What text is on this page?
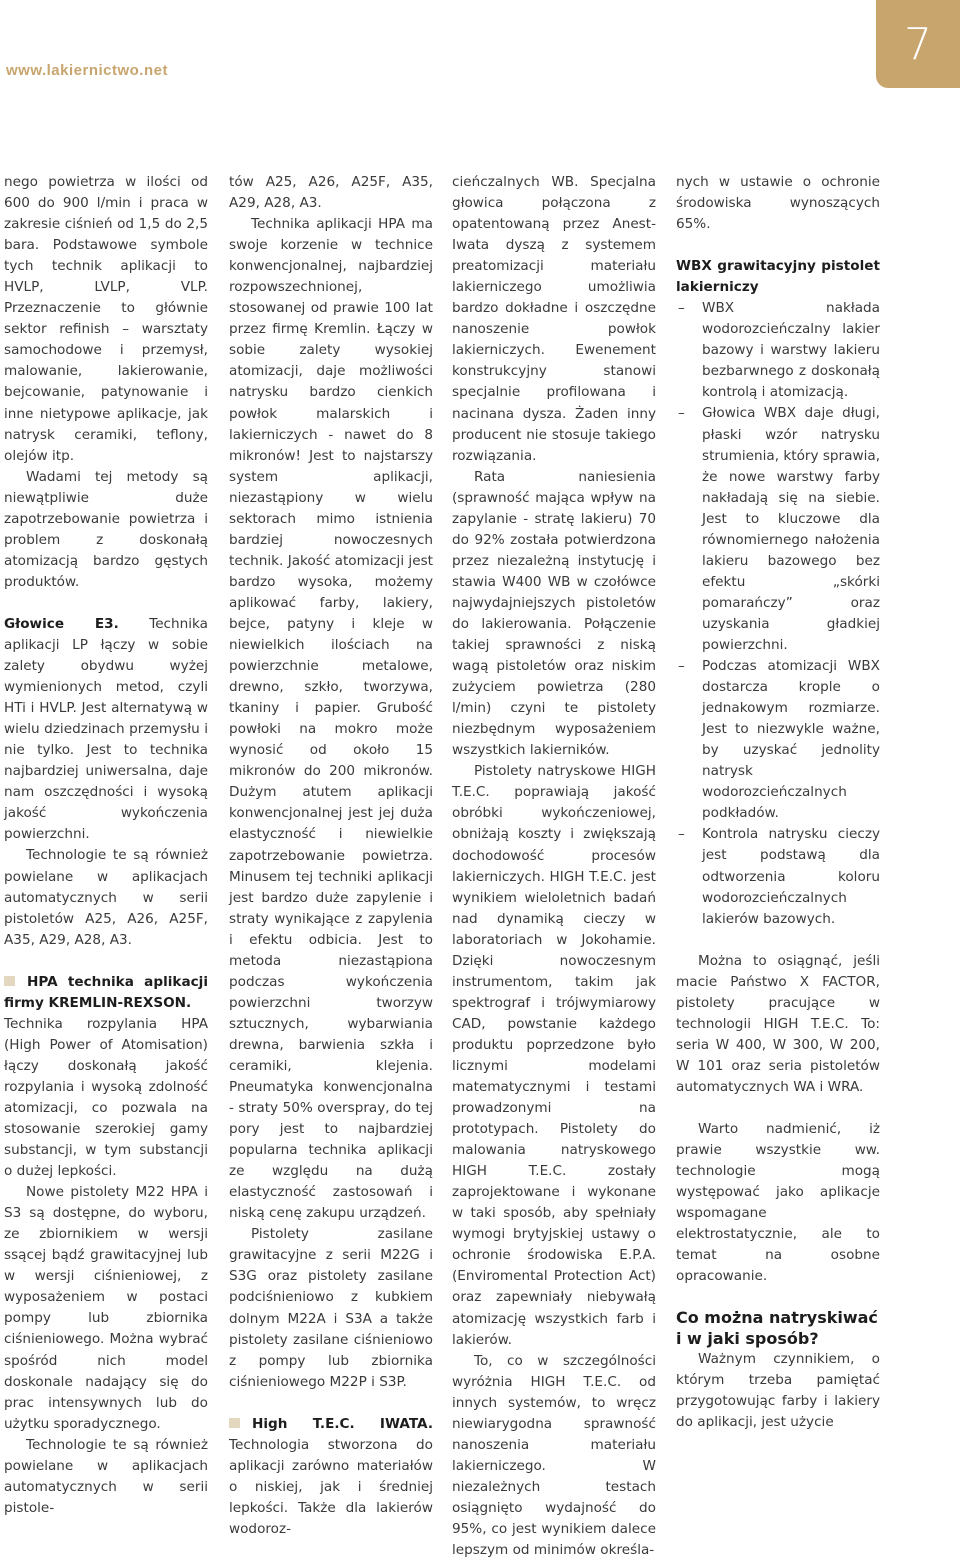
www.lakiernictwo.net
7

nego powietrza w ilości od 600 do 900 l/min i praca w zakresie ciśnień od 1,5 do 2,5 bara. Podstawowe symbole tych technik aplikacji to HVLP, LVLP, VLP. Przeznaczenie to głównie sektor refinish – warsztaty samochodowe i przemysł, malowanie, lakierowanie, bejcowanie, patynowanie i inne nietypowe aplikacje, jak natrysk ceramiki, teflony, olejów itp.

Wadami tej metody są niewątpliwie duże zapotrzebowanie powietrza i problem z doskonałą atomizacją bardzo gęstych produktów.

Głowice E3. Technika aplikacji LP łączy w sobie zalety obydwu wyżej wymienionych metod, czyli HTi i HVLP. Jest alternatywą w wielu dziedzinach przemysłu i nie tylko. Jest to technika najbardziej uniwersalna, daje nam oszczędności i wysoką jakość wykończenia powierzchni.

Technologie te są również powielane w aplikacjach automatycznych w serii pistoletów A25, A26, A25F, A35, A29, A28, A3.

HPA technika aplikacji firmy KREMLIN-REXSON.

Technika rozpylania HPA (High Power of Atomisation) łączy doskonałą jakość rozpylania i wysoką zdolność atomizacji, co pozwala na stosowanie szerokiej gamy substancji, w tym substancji o dużej lepkości.

Nowe pistolety M22 HPA i S3 są dostępne, do wyboru, ze zbiornikiem w wersji ssącej bądź grawitacyjnej lub w wersji ciśnieniowej, z wyposażeniem w postaci pompy lub zbiornika ciśnieniowego. Można wybrać spośród nich model doskonale nadający się do prac intensywnych lub do użytku sporadycznego.

Technologie te są również powielane w aplikacjach automatycznych w serii pistole-

tów A25, A26, A25F, A35, A29, A28, A3.

Technika aplikacji HPA ma swoje korzenie w technice konwencjonalnej, najbardziej rozpowszechnionej, stosowanej od prawie 100 lat przez firmę Kremlin. Łączy w sobie zalety wysokiej atomizacji, daje możliwości natrysku bardzo cienkich powłok malarskich i lakierniczych - nawet do 8 mikronów! Jest to najstarszy system aplikacji, niezastąpiony w wielu sektorach mimo istnienia bardziej nowoczesnych technik. Jakość atomizacji jest bardzo wysoka, możemy aplikować farby, lakiery, bejce, patyny i kleje w niewielkich ilościach na powierzchnie metalowe, drewno, szkło, tworzywa, tkaniny i papier. Grubość powłoki na mokro może wynosić od około 15 mikronów do 200 mikronów. Dużym atutem aplikacji konwencjonalnej jest jej duża elastyczność i niewielkie zapotrzebowanie powietrza. Minusem tej techniki aplikacji jest bardzo duże zapylenie i straty wynikające z zapylenia i efektu odbicia. Jest to metoda niezastąpiona podczas wykończenia powierzchni tworzyw sztucznych, wybarwiania drewna, barwienia szkła i ceramiki, klejenia. Pneumatyka konwencjonalna - straty 50% overspray, do tej pory jest to najbardziej popularna technika aplikacji ze względu na dużą elastyczność zastosowań i niską cenę zakupu urządzeń.

Pistolety zasilane grawitacyjne z serii M22G i S3G oraz pistolety zasilane podciśnieniowo z kubkiem dolnym M22A i S3A a także pistolety zasilane ciśnieniowo z pompy lub zbiornika ciśnieniowego M22P i S3P.

High T.E.C. IWATA. Technologia stworzona do aplikacji zarówno materiałów o niskiej, jak i średniej lepkości. Także dla lakierów wodoroz-

cieńczalnych WB. Specjalna głowica połączona z opatentowaną przez Anest-Iwata dyszą z systemem preatomizacji materiału lakierniczego umożliwia bardzo dokładne i oszczędne nanoszenie powłok lakierniczych. Ewenement konstrukcyjny stanowi specjalnie profilowana i nacinana dysza. Żaden inny producent nie stosuje takiego rozwiązania.

Rata naniesienia (sprawność mająca wpływ na zapylanie - stratę lakieru) 70 do 92% została potwierdzona przez niezależną instytucję i stawia W400 WB w czołówce najwydajniejszych pistoletów do lakierowania. Połączenie takiej sprawności z niską wagą pistoletów oraz niskim zużyciem powietrza (280 l/min) czyni te pistolety niezbędnym wyposażeniem wszystkich lakierników.

Pistolety natryskowe HIGH T.E.C. poprawiają jakość obróbki wykończeniowej, obniżają koszty i zwiększają dochodowość procesów lakierniczych. HIGH T.E.C. jest wynikiem wieloletnich badań nad dynamiką cieczy w laboratoriach w Jokohamie. Dzięki nowoczesnym instrumentom, takim jak spektrograf i trójwymiarowy CAD, powstanie każdego produktu poprzedzone było licznymi modelami matematycznymi i testami prowadzonymi na prototypach. Pistolety do malowania natryskowego HIGH T.E.C. zostały zaprojektowane i wykonane w taki sposób, aby spełniały wymogi brytyjskiej ustawy o ochronie środowiska E.P.A. (Enviromental Protection Act) oraz zapewniały niebywałą atomizację wszystkich farb i lakierów.

To, co w szczególności wyróżnia HIGH T.E.C. od innych systemów, to wręcz niewiarygodna sprawność nanoszenia materiału lakierniczego. W niezależnych testach osiągnięto wydajność do 95%, co jest wynikiem dalece lepszym od minimów określa-

nych w ustawie o ochronie środowiska wynoszących 65%.

WBX grawitacyjny pistolet lakierniczy
– WBX nakłada wodorozcieńczalny lakier bazowy i warstwy lakieru bezbarwnego z doskonałą kontrolą i atomizacją.
– Głowica WBX daje długi, płaski wzór natrysku strumienia, który sprawia, że nowe warstwy farby nakładają się na siebie. Jest to kluczowe dla równomiernego nałożenia lakieru bazowego bez efektu „skórki pomarańczy” oraz uzyskania gładkiej powierzchni.
– Podczas atomizacji WBX dostarcza krople o jednakowym rozmiarze. Jest to niezwykle ważne, by uzyskać jednolity natrysk wodorozcieńczalnych podkładów.
– Kontrola natrysku cieczy jest podstawą dla odtworzenia koloru wodorozcieńczalnych lakierów bazowych.

Można to osiągnąć, jeśli macie Państwo X FACTOR, pistolety pracujące w technologii HIGH T.E.C. To: seria W 400, W 300, W 200, W 101 oraz seria pistoletów automatycznych WA i WRA.

Warto nadmienić, iż prawie wszystkie ww. technologie mogą występować jako aplikacje wspomagane elektrostatycznie, ale to temat na osobne opracowanie.

Co można natryskiwać i w jaki sposób?

Ważnym czynnikiem, o którym trzeba pamiętać przygotowując farby i lakiery do aplikacji, jest użycie
